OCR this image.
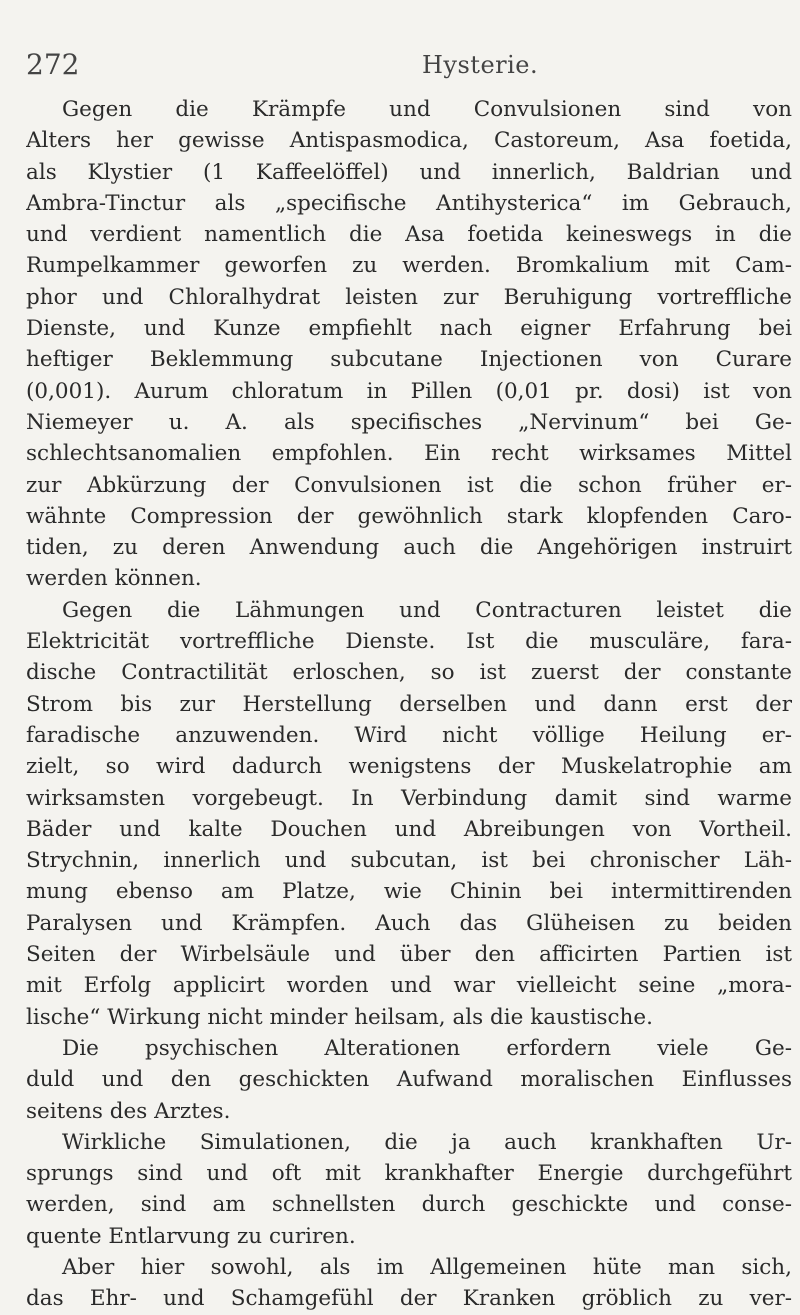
272	Hysterie.
Gegen die Krämpfe und Convulsionen sind von
Alters her gewisse Antispasmodica, Castoreum, Asa foetida,
als Klystier (1 Kaffeelöffel) und innerlich, Baldrian und
Ambra-Tinctur als „specifische Antihysterica“ im Gebrauch,
und verdient namentlich die Asa foetida keineswegs in die
Rumpelkammer geworfen zu werden. Bromkalium mit Cam-
phor und Chloralhydrat leisten zur Beruhigung vortreffliche
Dienste, und Kunze empfiehlt nach eigner Erfahrung bei
heftiger Beklemmung subcutane Injectionen von Curare
(0,001). Aurum chloratum in Pillen (0,01 pr. dosi) ist von
Niemeyer u. A. als specifisches „Nervinum“ bei Ge-
schlechtsanomalien empfohlen. Ein recht wirksames Mittel
zur Abkürzung der Convulsionen ist die schon früher er-
wähnte Compression der gewöhnlich stark klopfenden Caro-
tiden, zu deren Anwendung auch die Angehörigen instruirt
werden können.
Gegen die Lähmungen und Contracturen leistet die
Elektricität vortreffliche Dienste. Ist die musculäre, fara-
dische Contractilität erloschen, so ist zuerst der constante
Strom bis zur Herstellung derselben und dann erst der
faradische anzuwenden. Wird nicht völlige Heilung er-
zielt, so wird dadurch wenigstens der Muskelatrophie am
wirksamsten vorgebeugt. In Verbindung damit sind warme
Bäder und kalte Douchen und Abreibungen von Vortheil.
Strychnin, innerlich und subcutan, ist bei chronischer Läh-
mung ebenso am Platze, wie Chinin bei intermittirenden
Paralysen und Krämpfen. Auch das Glüheisen zu beiden
Seiten der Wirbelsäule und über den afficirten Partien ist
mit Erfolg applicirt worden und war vielleicht seine „mora-
lische“ Wirkung nicht minder heilsam, als die kaustische.
Die psychischen Alterationen erfordern viele Ge-
duld und den geschickten Aufwand moralischen Einflusses
seitens des Arztes.
Wirkliche Simulationen, die ja auch krankhaften Ur-
sprungs sind und oft mit krankhafter Energie durchgeführt
werden, sind am schnellsten durch geschickte und conse-
quente Entlarvung zu curiren.
Aber hier sowohl, als im Allgemeinen hüte man sich,
das Ehr- und Schamgefühl der Kranken gröblich zu ver-
